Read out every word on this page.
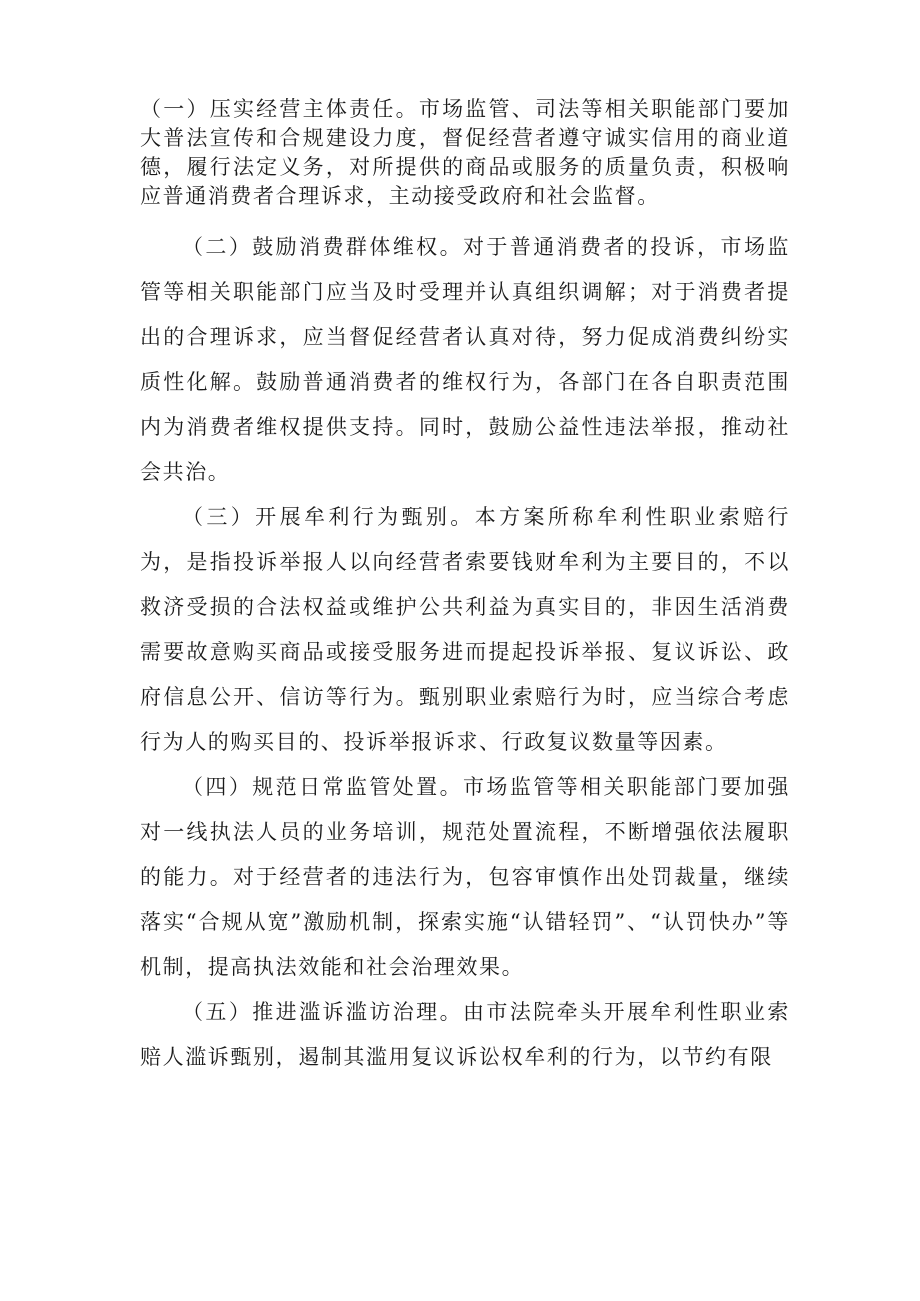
（一）压实经营主体责任。市场监管、司法等相关职能部门要加大普法宣传和合规建设力度，督促经营者遵守诚实信用的商业道德，履行法定义务，对所提供的商品或服务的质量负责，积极响应普通消费者合理诉求，主动接受政府和社会监督。

（二）鼓励消费群体维权。对于普通消费者的投诉，市场监管等相关职能部门应当及时受理并认真组织调解；对于消费者提出的合理诉求，应当督促经营者认真对待，努力促成消费纠纷实质性化解。鼓励普通消费者的维权行为，各部门在各自职责范围内为消费者维权提供支持。同时，鼓励公益性违法举报，推动社会共治。

（三）开展牟利行为甄别。本方案所称牟利性职业索赔行为，是指投诉举报人以向经营者索要钱财牟利为主要目的，不以救济受损的合法权益或维护公共利益为真实目的，非因生活消费需要故意购买商品或接受服务进而提起投诉举报、复议诉讼、政府信息公开、信访等行为。甄别职业索赔行为时，应当综合考虑行为人的购买目的、投诉举报诉求、行政复议数量等因素。

（四）规范日常监管处置。市场监管等相关职能部门要加强对一线执法人员的业务培训，规范处置流程，不断增强依法履职的能力。对于经营者的违法行为，包容审慎作出处罚裁量，继续落实“合规从宽”激励机制，探索实施“认错轻罚”、“认罚快办”等机制，提高执法效能和社会治理效果。

（五）推进滥诉滥访治理。由市法院牵头开展牟利性职业索赔人滥诉甄别，遏制其滥用复议诉讼权牟利的行为，以节约有限
